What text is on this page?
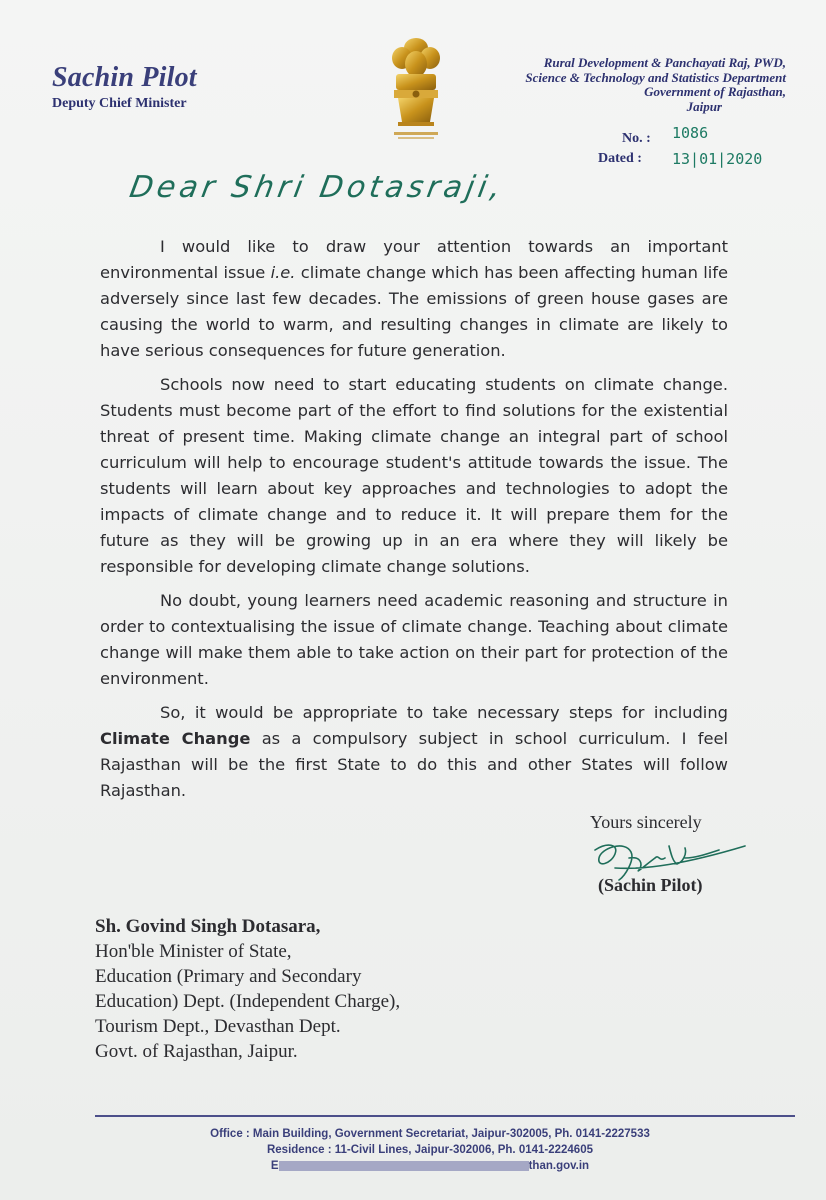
Sachin Pilot
Deputy Chief Minister
Rural Development & Panchayati Raj, PWD,
Science & Technology and Statistics Department
Government of Rajasthan,
Jaipur
No. : 1086
Dated : 13|01|2020
Dear Shri Dotasraji,

I would like to draw your attention towards an important environmental issue i.e. climate change which has been affecting human life adversely since last few decades. The emissions of green house gases are causing the world to warm, and resulting changes in climate are likely to have serious consequences for future generation.

Schools now need to start educating students on climate change. Students must become part of the effort to find solutions for the existential threat of present time. Making climate change an integral part of school curriculum will help to encourage student's attitude towards the issue. The students will learn about key approaches and technologies to adopt the impacts of climate change and to reduce it. It will prepare them for the future as they will be growing up in an era where they will likely be responsible for developing climate change solutions.

No doubt, young learners need academic reasoning and structure in order to contextualising the issue of climate change. Teaching about climate change will make them able to take action on their part for protection of the environment.

So, it would be appropriate to take necessary steps for including Climate Change as a compulsory subject in school curriculum. I feel Rajasthan will be the first State to do this and other States will follow Rajasthan.

Yours sincerely
(Sachin Pilot)
Sh. Govind Singh Dotasara,
Hon'ble Minister of State,
Education (Primary and Secondary
Education) Dept. (Independent Charge),
Tourism Dept., Devasthan Dept.
Govt. of Rajasthan, Jaipur.
Office : Main Building, Government Secretariat, Jaipur-302005, Ph. 0141-2227533
Residence : 11-Civil Lines, Jaipur-302006, Ph. 0141-2224605
E	than.gov.in
